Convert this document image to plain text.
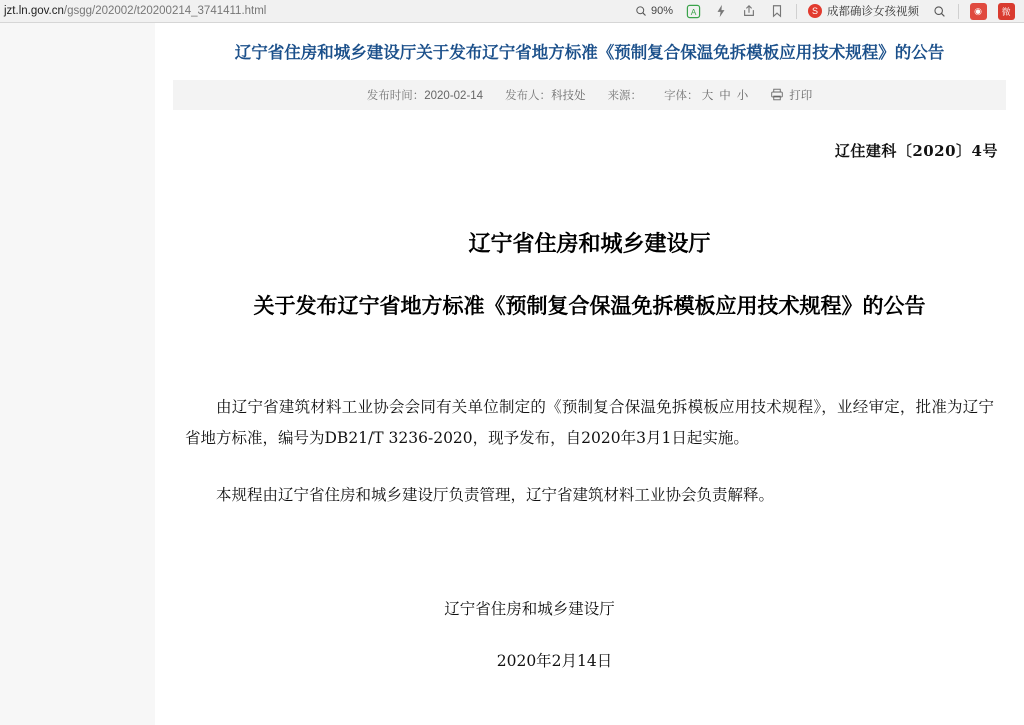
jzt.ln.gov.cn /gsgg/202002/t20200214_3741411.html	90% A	S 成都确诊女孩视频	◉	微
辽宁省住房和城乡建设厅关于发布辽宁省地方标准《预制复合保温免拆模板应用技术规程》的公告
发布时间：2020-02-14 发布人：科技处 来源： 字体： 大 中 小	打印
辽住建科〔2020〕4号
辽宁省住房和城乡建设厅
关于发布辽宁省地方标准《预制复合保温免拆模板应用技术规程》的公告

由辽宁省建筑材料工业协会会同有关单位制定的《预制复合保温免拆模板应用技术规程》，业经审定，批准为辽宁省地方标准，编号为DB21/T 3236-2020，现予发布，自2020年3月1日起实施。

本规程由辽宁省住房和城乡建设厅负责管理，辽宁省建筑材料工业协会负责解释。

辽宁省住房和城乡建设厅
2020年2月14日
